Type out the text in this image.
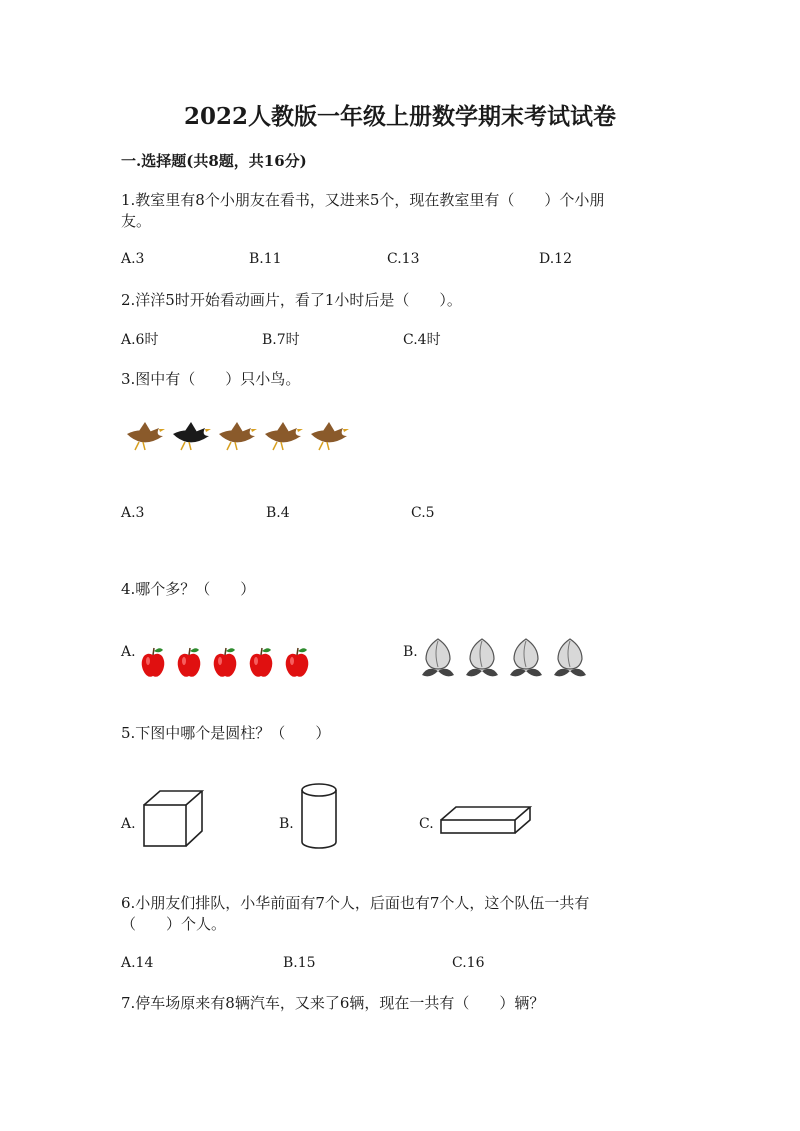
2022人教版一年级上册数学期末考试试卷
一.选择题(共8题，共16分)
1.教室里有8个小朋友在看书，又进来5个，现在教室里有（　　）个小朋
友。
A.3	B.11	C.13	D.12
2.洋洋5时开始看动画片，看了1小时后是（　　）。
A.6时	B.7时	C.4时
3.图中有（　　）只小鸟。
A.3	B.4	C.5
4.哪个多？（　　）
A.	B.
5.下图中哪个是圆柱？（　　）
A.	B.	C.
6.小朋友们排队，小华前面有7个人，后面也有7个人，这个队伍一共有
（　　）个人。
A.14	B.15	C.16
7.停车场原来有8辆汽车，又来了6辆，现在一共有（　　）辆？
